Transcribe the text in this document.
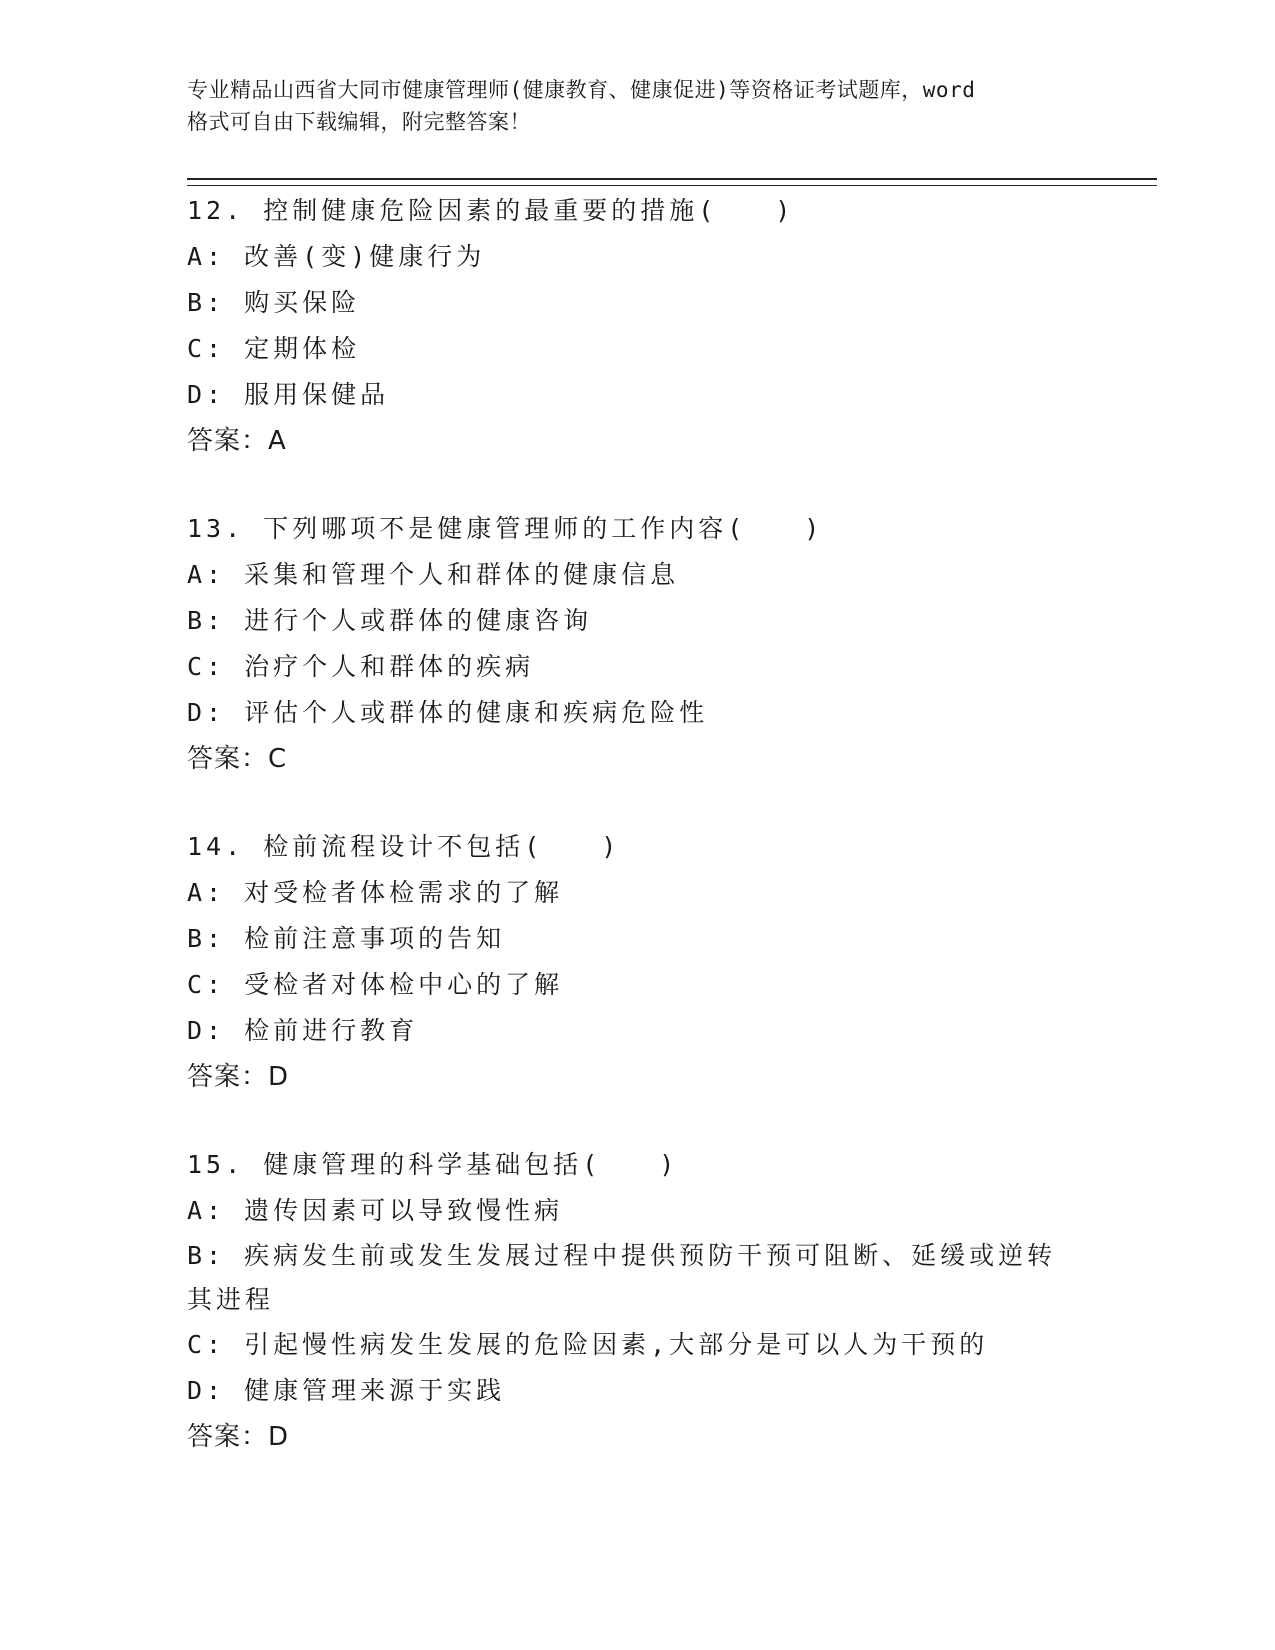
专业精品山西省大同市健康管理师(健康教育、健康促进)等资格证考试题库，word
格式可自由下载编辑，附完整答案！
12. 控制健康危险因素的最重要的措施(　　)
A: 改善(变)健康行为
B: 购买保险
C: 定期体检
D: 服用保健品
答案：A
13. 下列哪项不是健康管理师的工作内容(　　)
A: 采集和管理个人和群体的健康信息
B: 进行个人或群体的健康咨询
C: 治疗个人和群体的疾病
D: 评估个人或群体的健康和疾病危险性
答案：C
14. 检前流程设计不包括(　　)
A: 对受检者体检需求的了解
B: 检前注意事项的告知
C: 受检者对体检中心的了解
D: 检前进行教育
答案：D
15. 健康管理的科学基础包括(　　)
A: 遗传因素可以导致慢性病
B: 疾病发生前或发生发展过程中提供预防干预可阻断、延缓或逆转其进程
C: 引起慢性病发生发展的危险因素,大部分是可以人为干预的
D: 健康管理来源于实践
答案：D
